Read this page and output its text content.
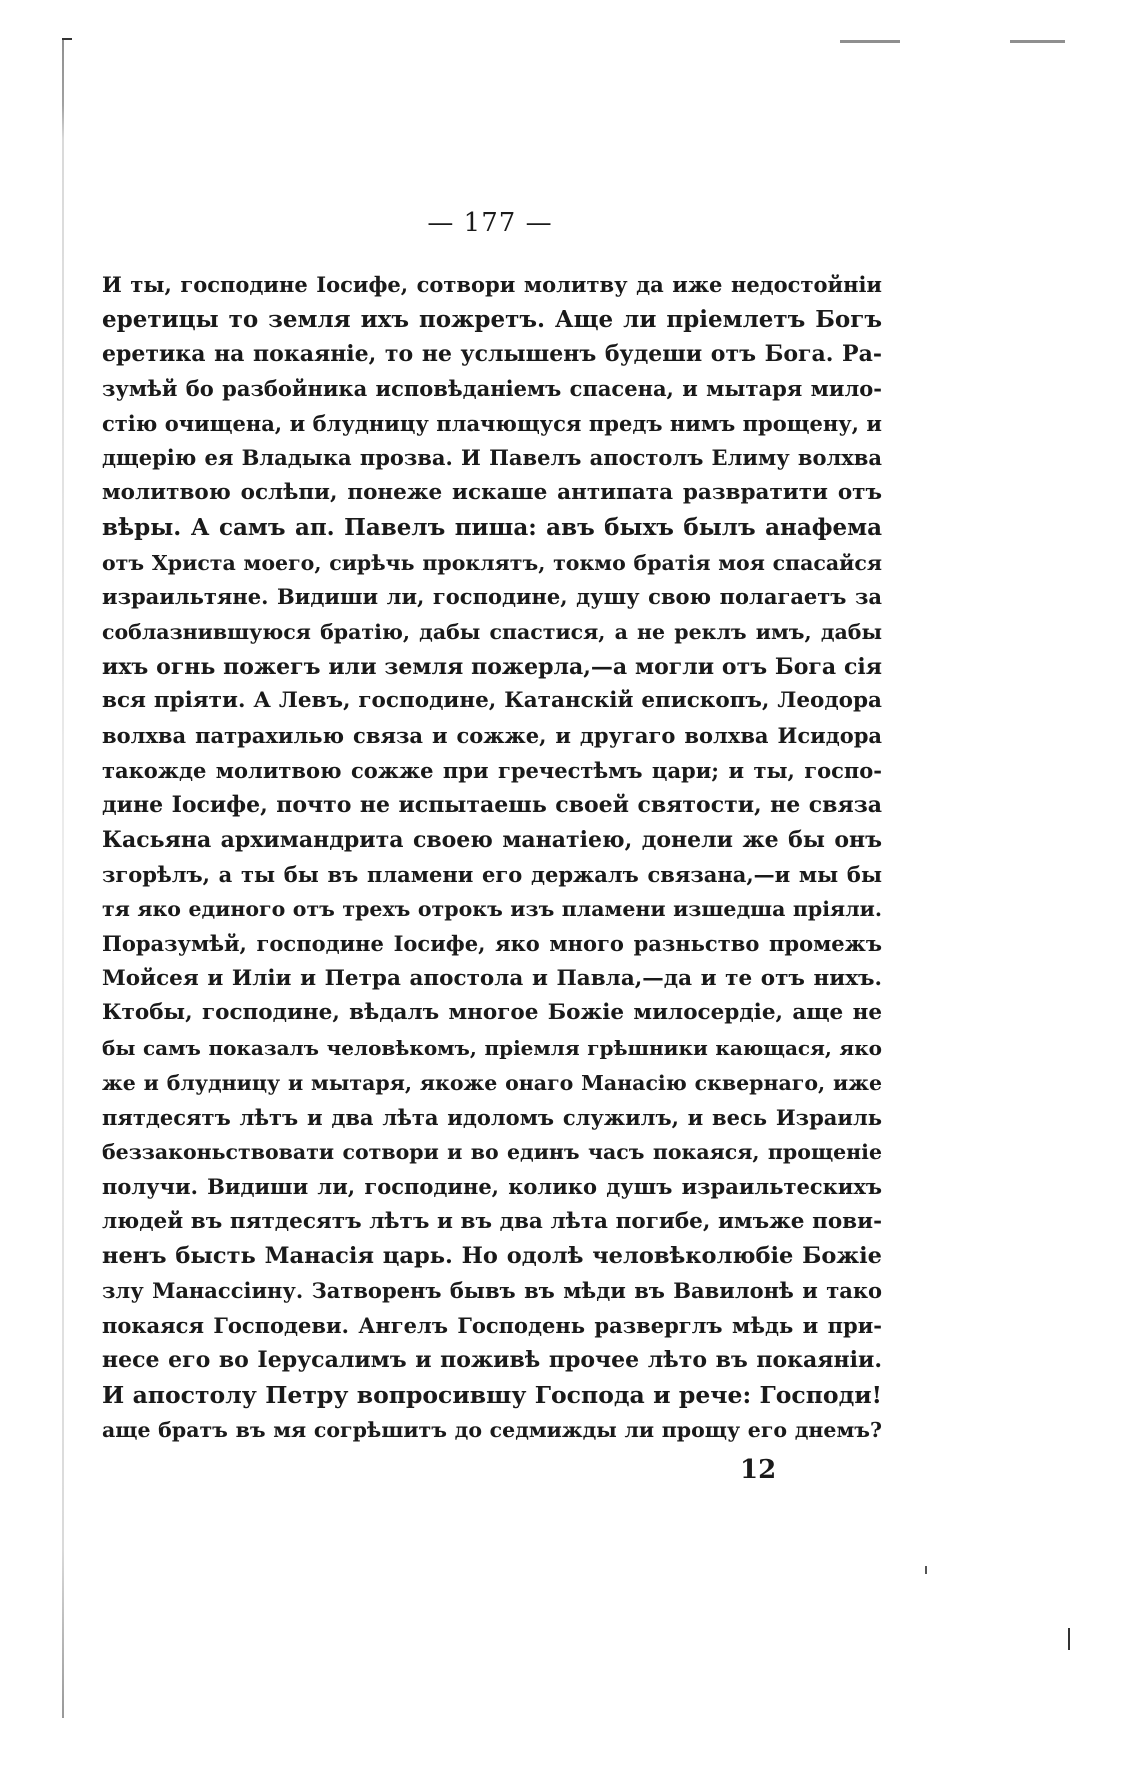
— 177 —
И ты, господине Іосифе, сотвори молитву да иже недостойніи
еретицы то земля ихъ пожретъ. Аще ли пріемлетъ Богъ
еретика на покаяніе, то не услышенъ будеши отъ Бога. Ра-
зумѣй бо разбойника исповѣданіемъ спасена, и мытаря мило-
стію очищена, и блудницу плачющуся предъ нимъ прощену, и
дщерію ея Владыка прозва. И Павелъ апостолъ Елиму волхва
молитвою ослѣпи, понеже искаше антипата развратити отъ
вѣры. А самъ ап. Павелъ пиша: авъ быхъ былъ анафема
отъ Христа моего, сирѣчь проклятъ, токмо братія моя спасайся
израильтяне. Видиши ли, господине, душу свою полагаетъ за
соблазнившуюся братію, дабы спастися, а не реклъ имъ, дабы
ихъ огнь пожегъ или земля пожерла,—а могли отъ Бога сія
вся пріяти. А Левъ, господине, Катанскій епископъ, Леодора
волхва патрахилью связа и сожже, и другаго волхва Исидора
такожде молитвою сожже при гречестѣмъ цари; и ты, госпо-
дине Іосифе, почто не испытаешь своей святости, не связа
Касьяна архимандрита своею манатіею, донели же бы онъ
згорѣлъ, а ты бы въ пламени его держалъ связана,—и мы бы
тя яко единого отъ трехъ отрокъ изъ пламени изшедша пріяли.
Поразумѣй, господине Іосифе, яко много разньство промежъ
Мойсея и Иліи и Петра апостола и Павла,—да и те отъ нихъ.
Ктобы, господине, вѣдалъ многое Божіе милосердіе, аще не
бы самъ показалъ человѣкомъ, пріемля грѣшники кающася, яко
же и блудницу и мытаря, якоже онаго Манасію сквернаго, иже
пятдесятъ лѣтъ и два лѣта идоломъ служилъ, и весь Израиль
беззаконьствовати сотвори и во единъ часъ покаяся, прощеніе
получи. Видиши ли, господине, колико душъ израильтескихъ
людей въ пятдесятъ лѣтъ и въ два лѣта погибе, имъже пови-
ненъ бысть Манасія царь. Но одолѣ человѣколюбіе Божіе
злу Манассіину. Затворенъ бывъ въ мѣди въ Вавилонѣ и тако
покаяся Господеви. Ангелъ Господень разверглъ мѣдь и при-
несе его во Іерусалимъ и поживѣ прочее лѣто въ покаяніи.
И апостолу Петру вопросившу Господа и рече: Господи!
аще братъ въ мя согрѣшитъ до седмижды ли прощу его днемъ?
12
